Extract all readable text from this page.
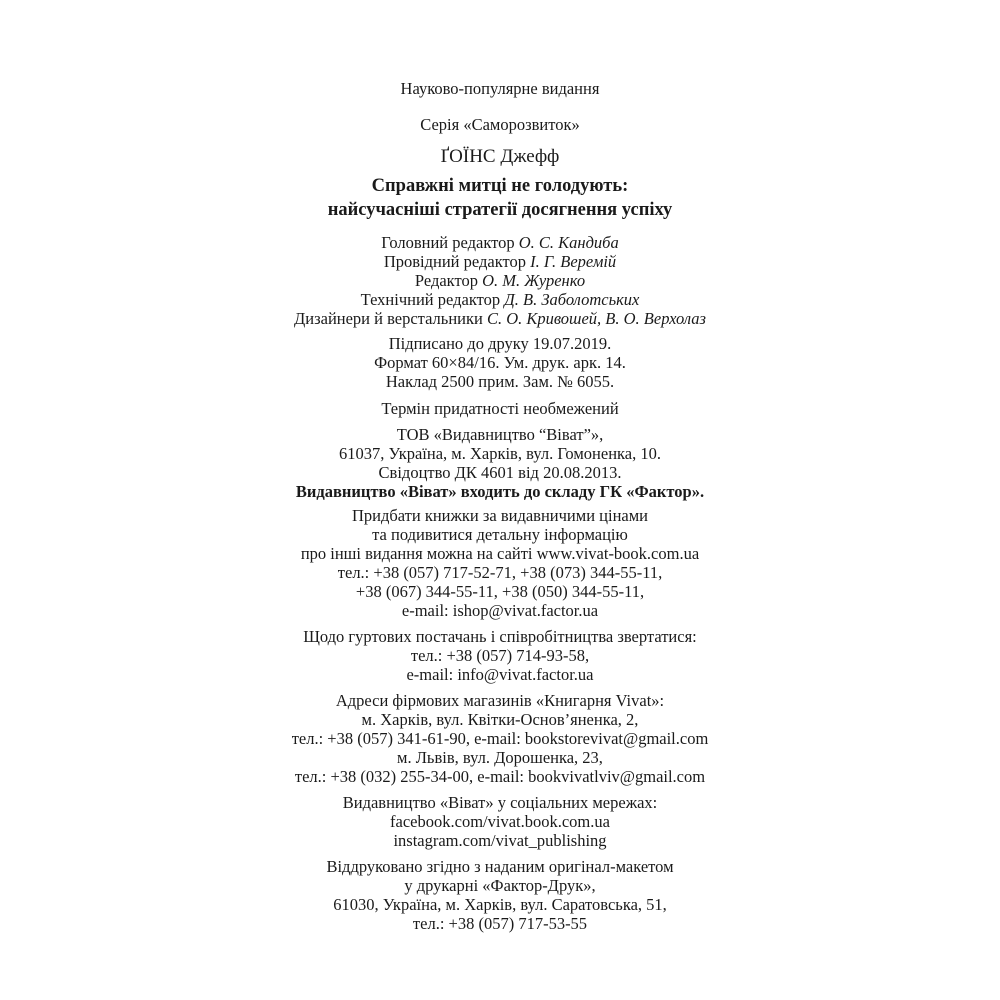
Науково-популярне видання
Серія «Саморозвиток»
ҐОЇНС Джефф
Справжні митці не голодують:
найсучасніші стратегії досягнення успіху
Головний редактор О. С. Кандиба
Провідний редактор І. Г. Веремій
Редактор О. М. Журенко
Технічний редактор Д. В. Заболотських
Дизайнери й верстальники С. О. Кривошей, В. О. Верхолаз
Підписано до друку 19.07.2019.
Формат 60×84/16. Ум. друк. арк. 14.
Наклад 2500 прим. Зам. № 6055.
Термін придатності необмежений
ТОВ «Видавництво “Віват”»,
61037, Україна, м. Харків, вул. Гомоненка, 10.
Свідоцтво ДК 4601 від 20.08.2013.
Видавництво «Віват» входить до складу ГК «Фактор».
Придбати книжки за видавничими цінами
та подивитися детальну інформацію
про інші видання можна на сайті www.vivat-book.com.ua
тел.: +38 (057) 717-52-71, +38 (073) 344-55-11,
+38 (067) 344-55-11, +38 (050) 344-55-11,
e-mail: ishop@vivat.factor.ua
Щодо гуртових постачань і співробітництва звертатися:
тел.: +38 (057) 714-93-58,
e-mail: info@vivat.factor.ua
Адреси фірмових магазинів «Книгарня Vivat»:
м. Харків, вул. Квітки-Основ’яненка, 2,
тел.: +38 (057) 341-61-90, e-mail: bookstorevivat@gmail.com
м. Львів, вул. Дорошенка, 23,
тел.: +38 (032) 255-34-00, e-mail: bookvivatlviv@gmail.com
Видавництво «Віват» у соціальних мережах:
facebook.com/vivat.book.com.ua
instagram.com/vivat_publishing
Віддруковано згідно з наданим оригінал-макетом
у друкарні «Фактор-Друк»,
61030, Україна, м. Харків, вул. Саратовська, 51,
тел.: +38 (057) 717-53-55
